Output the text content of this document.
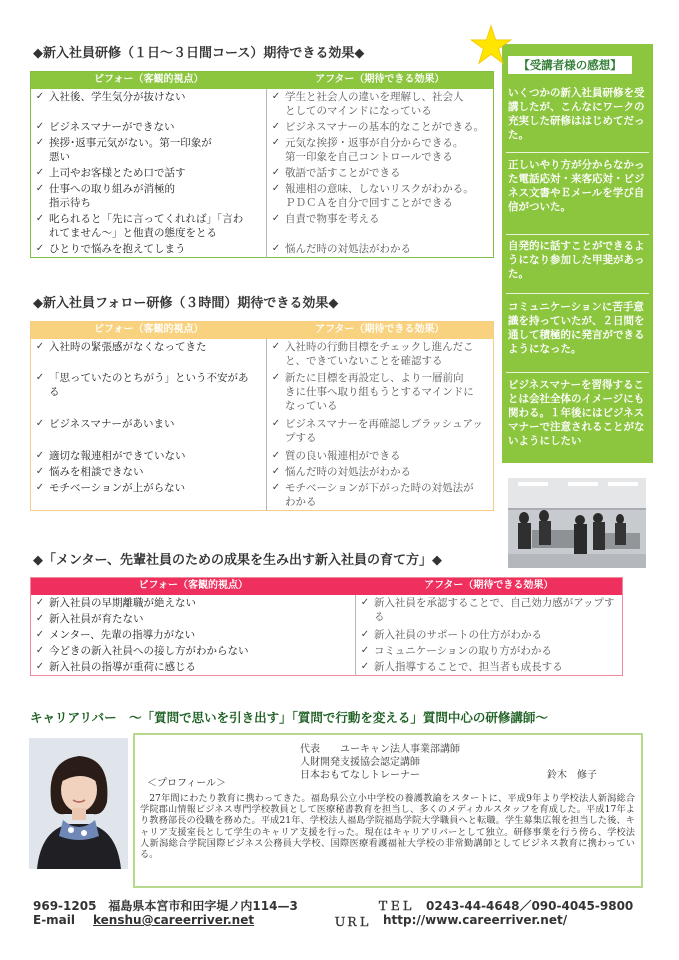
◆新入社員研修（１日～３日間コース）期待できる効果◆
ビフォー（客観的視点）	アフター（期待できる効果）
✓ 入社後、学生気分が抜けない	✓ 学生と社会人の違いを理解し、社会人
としてのマインドになっている
✓ ビジネスマナーができない	✓ ビジネスマナーの基本的なことができる。
✓ 挨拶･返事元気がない。第一印象が
悪い	✓ 元気な挨拶・返事が自分からできる。
第一印象を自己コントロールできる
✓ 上司やお客様とため口で話す	✓ 敬語で話すことができる
✓ 仕事への取り組みが消極的
指示待ち	✓ 報連相の意味、しないリスクがわかる。
ＰＤＣＡを自分で回すことができる
✓ 叱られると「先に言ってくれれば」「言わ
れてません～」と他責の態度をとる	✓ 自責で物事を考える
✓ ひとりで悩みを抱えてしまう	✓ 悩んだ時の対処法がわかる
◆新入社員フォロー研修（３時間）期待できる効果◆
ビフォー（客観的視点）	アフター（期待できる効果）
✓ 入社時の緊張感がなくなってきた	✓ 入社時の行動目標をチェックし進んだこ
と、できていないことを確認する
✓ 「思っていたのとちがう」という不安があ
る	✓ 新たに目標を再設定し、より一層前向
きに仕事へ取り組もうとするマインドに
なっている
✓ ビジネスマナーがあいまい	✓ ビジネスマナーを再確認しブラッシュアッ
プする
✓ 適切な報連相ができていない	✓ 質の良い報連相ができる
✓ 悩みを相談できない	✓ 悩んだ時の対処法がわかる
✓ モチベーションが上がらない	✓ モチベーションが下がった時の対処法が
わかる
◆「メンター、先輩社員のための成果を生み出す新入社員の育て方」◆
ビフォー（客観的視点）	アフター（期待できる効果）
✓ 新入社員の早期離職が絶えない	✓ 新入社員を承認することで、自己効力感がアップす
る
✓ 新入社員が育たない	
✓ メンター、先輩の指導力がない	✓ 新入社員のサポートの仕方がわかる
✓ 今どきの新入社員への接し方がわからない	✓ コミュニケーションの取り方がわかる
✓ 新入社員の指導が重荷に感じる	✓ 新人指導することで、担当者も成長する
【受講者様の感想】
いくつかの新入社員研修を受講したが、こんなにワークの充実した研修ははじめてだった。
正しいやり方が分からなかった電話応対・来客応対・ビジネス文書やＥメールを学び自信がついた。
自発的に話すことができるようになり参加した甲斐があった。
コミュニケーションに苦手意識を持っていたが、２日間を通して積極的に発言ができるようになった。
ビジネスマナーを習得することは会社全体のイメージにも関わる。１年後にはビジネスマナーで注意されることがないようにしたい
キャリアリバー　～「質問で思いを引き出す」「質問で行動を変える」質問中心の研修講師～
代表　　ユーキャン法人事業部講師
人財開発支援協会認定講師
日本おもてなしトレーナー	鈴木　修子
＜プロフィール＞
27年間にわたり教育に携わってきた。福島県公立小中学校の養護教諭をスタートに、平成9年より学校法人新潟総合学院郡山情報ビジネス専門学校教員として医療秘書教育を担当し、多くのメディカルスタッフを育成した。平成17年より教務部長の役職を務めた。平成21年、学校法人福島学院福島学院大学職員へと転職。学生募集広報を担当した後、キャリア支援室長として学生のキャリア支援を行った。現在はキャリアリバーとして独立。研修事業を行う傍ら、学校法人新潟総合学院国際ビジネス公務員大学校、国際医療看護福祉大学校の非常勤講師としてビジネス教育に携わっている。
969-1205　福島県本宮市和田字堤ノ内114—3	ＴＥＬ 0243-44-4648／090-4045-9800
E-mail kenshu@careerriver.net	ＵＲＬ http://www.careerriver.net/
